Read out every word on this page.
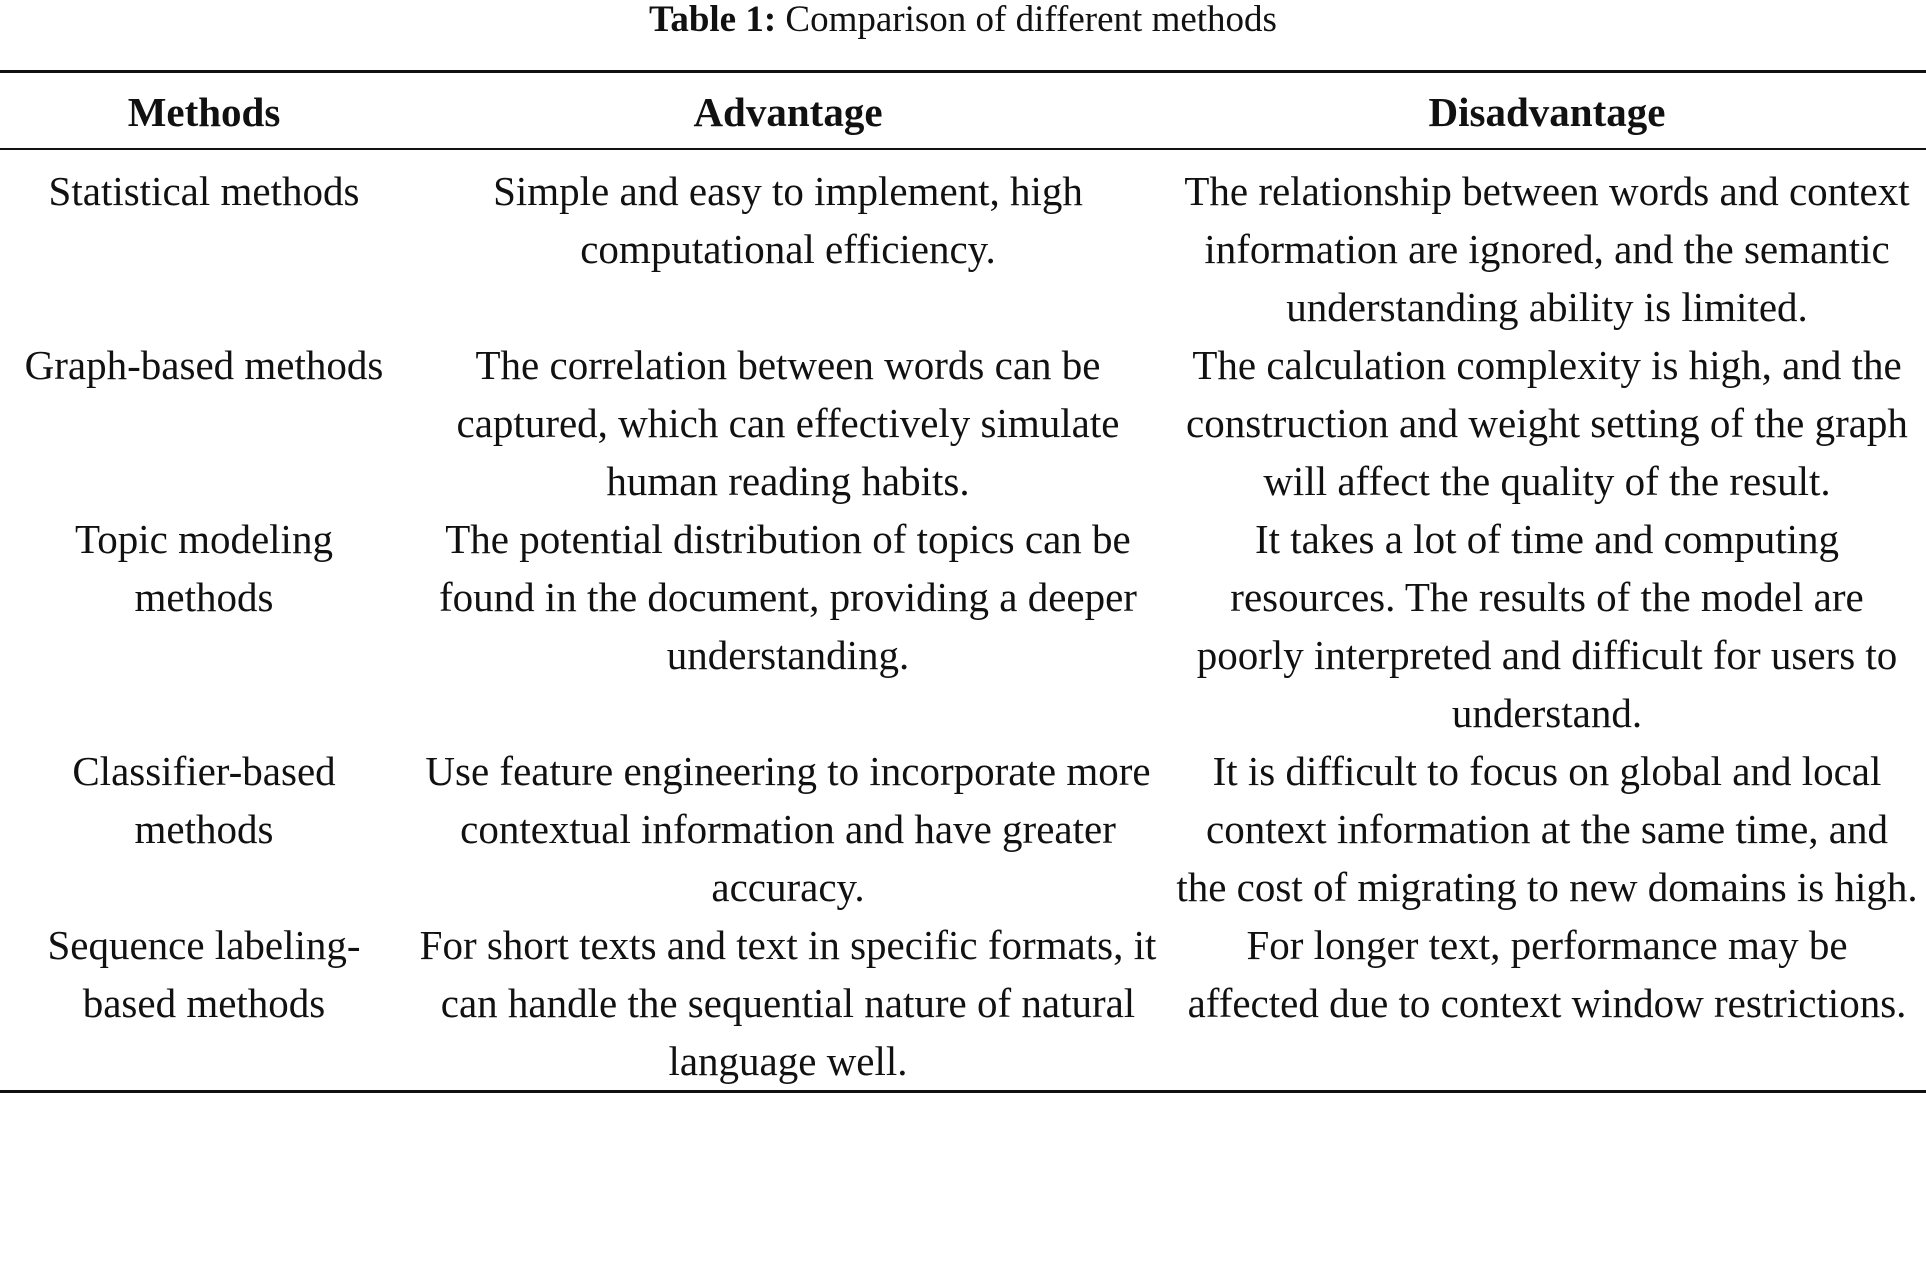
Table 1: Comparison of different methods
Methods	Advantage	Disadvantage
Statistical methods	Simple and easy to implement, high computational efficiency.	The relationship between words and context information are ignored, and the semantic understanding ability is limited.
Graph-based methods	The correlation between words can be captured, which can effectively simulate human reading habits.	The calculation complexity is high, and the construction and weight setting of the graph will affect the quality of the result.
Topic modeling methods	The potential distribution of topics can be found in the document, providing a deeper understanding.	It takes a lot of time and computing resources. The results of the model are poorly interpreted and difficult for users to understand.
Classifier-based methods	Use feature engineering to incorporate more contextual information and have greater accuracy.	It is difficult to focus on global and local context information at the same time, and the cost of migrating to new domains is high.
Sequence labeling-based methods	For short texts and text in specific formats, it can handle the sequential nature of natural language well.	For longer text, performance may be affected due to context window restrictions.
